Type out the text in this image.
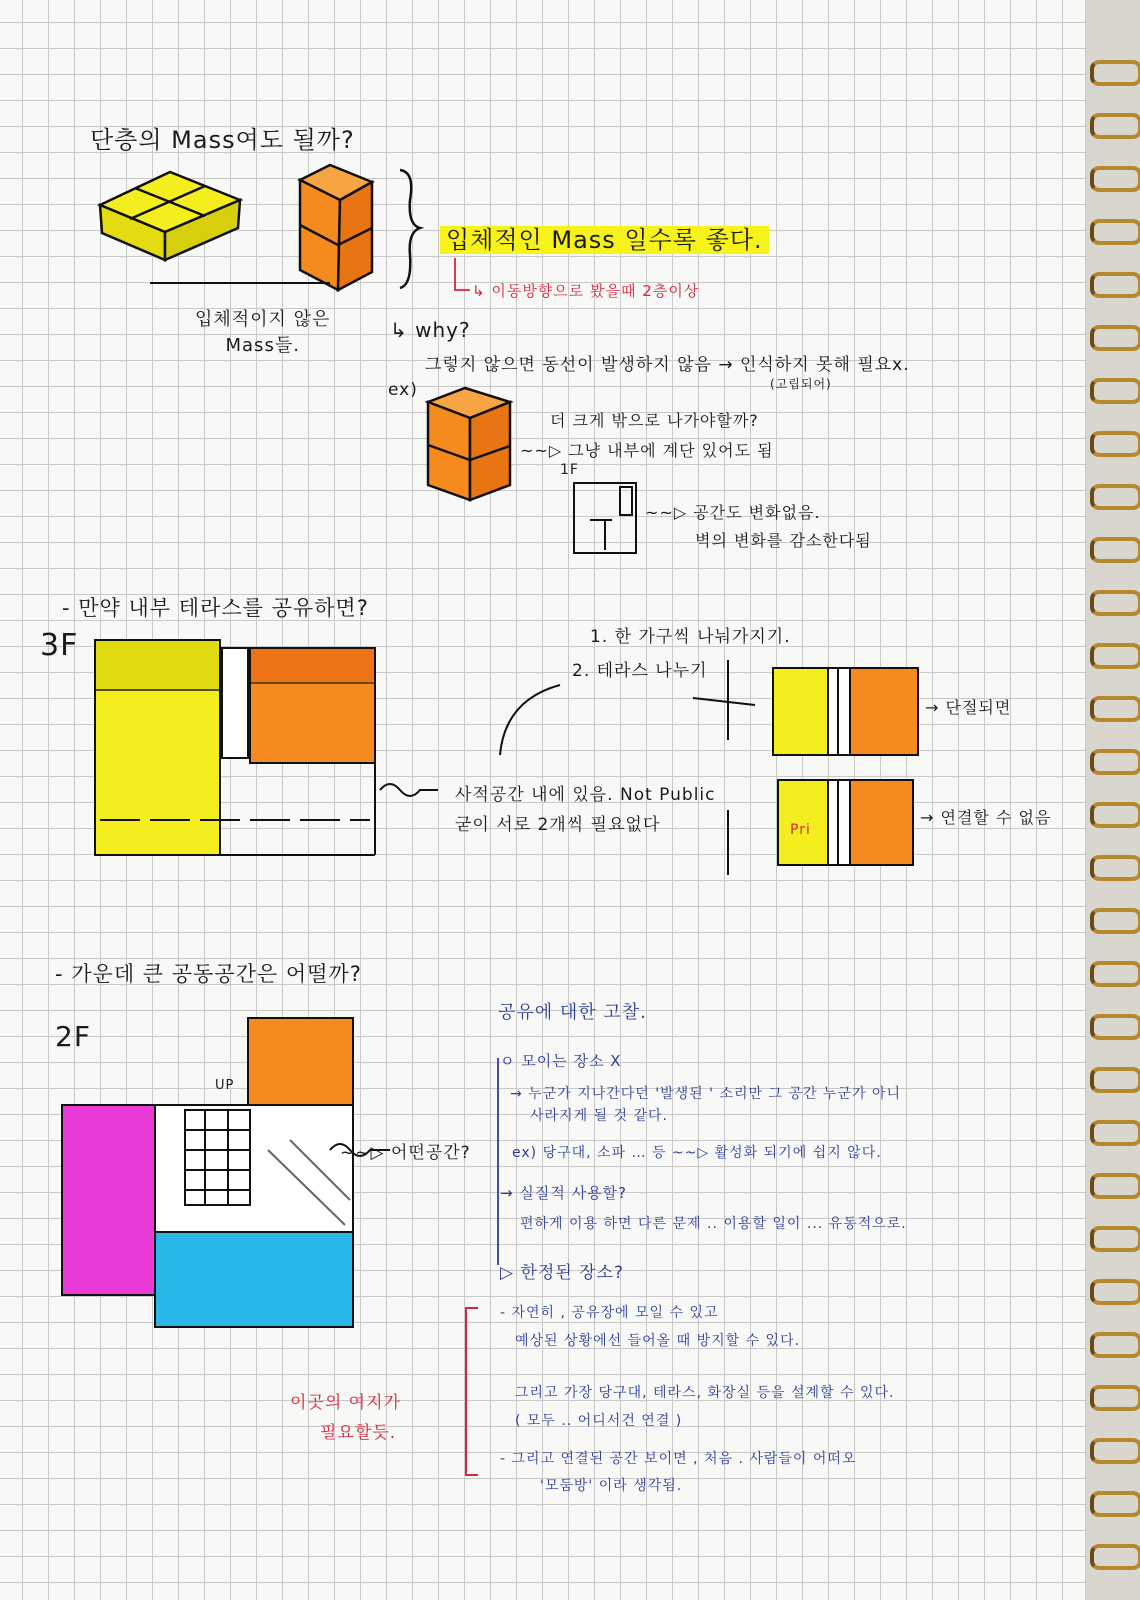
단층의 Mass여도 될까?
입체적이지 않은
Mass들.
입체적인 Mass 일수록 좋다.
↳ 이동방향으로 봤을때 2층이상
↳ why?
그렇지 않으면 동선이 발생하지 않음 → 인식하지 못해 필요x.
(고립되어)
ex)
더 크게 밖으로 나가야할까?
~~▷ 그냥 내부에 계단 있어도 됨
1F
~~▷ 공간도 변화없음.
벽의 변화를 감소한다됨
- 만약 내부 테라스를 공유하면?
3F	1. 한 가구씩 나눠가지기.
2. 테라스 나누기
→ 단절되면
사적공간 내에 있음. Not Public
굳이 서로 2개씩 필요없다	→ 연결할 수 없음
Pri
- 가운데 큰 공동공간은 어떨까?
2F
UP
~~▷ 어떤공간?
공유에 대한 고찰.
ㅇ 모이는 장소 X
→ 누군가 지나간다던 '발생된 ' 소리만 그 공간 누군가 아니
사라지게 될 것 같다.
ex) 당구대, 소파 … 등 ~~▷ 활성화 되기에 쉽지 않다.
→ 실질적 사용할?
편하게 이용 하면 다른 문제 .. 이용할 일이 ... 유동적으로.
▷ 한정된 장소?
- 자연히 , 공유장에 모일 수 있고
예상된 상황에선 들어올 때 방지할 수 있다.
그리고 가장 당구대, 테라스, 화장실 등을 설계할 수 있다.
( 모두 .. 어디서건 연결 )
- 그리고 연결된 공간 보이면 , 처음 . 사람들이 어떠오
'모둠방' 이라 생각됨.
이곳의 여지가
필요할듯.
